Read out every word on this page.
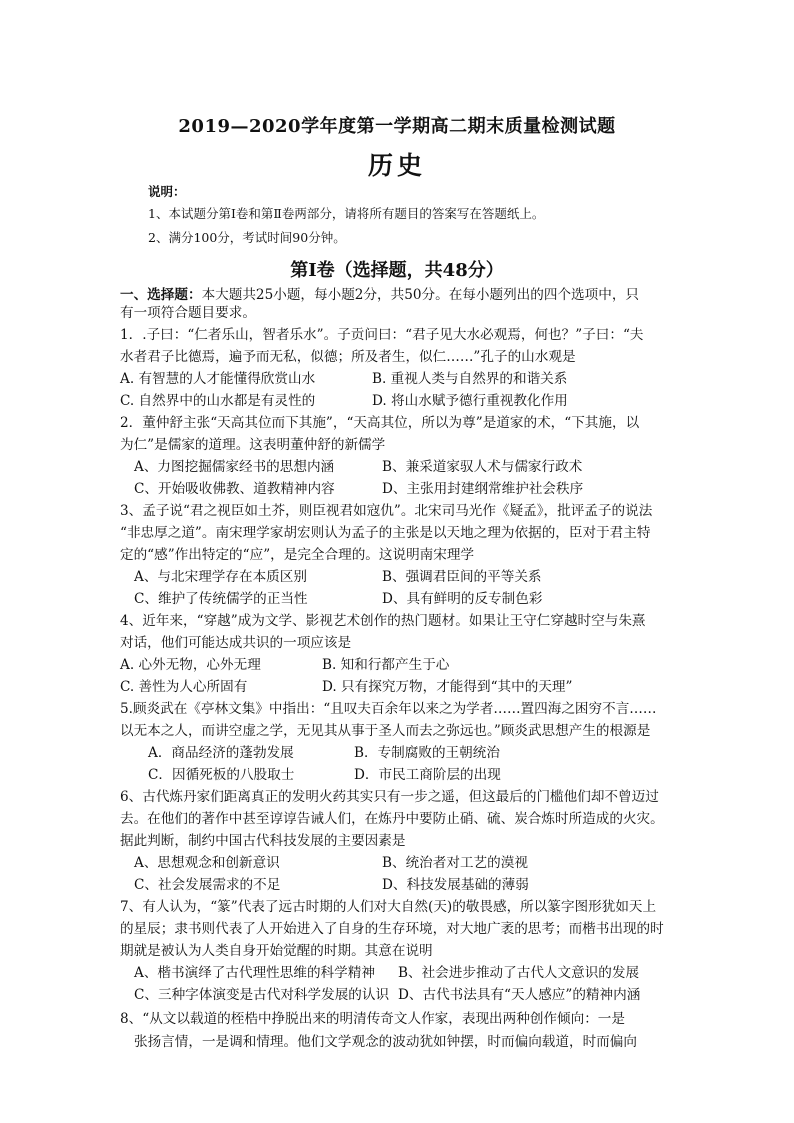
2019—2020学年度第一学期高二期末质量检测试题
历史
说明：
1、本试题分第Ⅰ卷和第Ⅱ卷两部分，请将所有题目的答案写在答题纸上。
2、满分100分，考试时间90分钟。
第Ⅰ卷（选择题，共48分）
一、选择题：本大题共25小题，每小题2分，共50分。在每小题列出的四个选项中，只
有一项符合题目要求。
1．.子曰：“仁者乐山，智者乐水”。子贡问曰：“君子见大水必观焉，何也？”子曰：“夫
水者君子比德焉，遍予而无私，似德；所及者生，似仁……”孔子的山水观是
A. 有智慧的人才能懂得欣赏山水	B. 重视人类与自然界的和谐关系
C. 自然界中的山水都是有灵性的	D. 将山水赋予德行重视教化作用
2．董仲舒主张“天高其位而下其施”，“天高其位，所以为尊”是道家的术，“下其施，以
为仁”是儒家的道理。这表明董仲舒的新儒学
A、力图挖掘儒家经书的思想内涵	B、兼采道家驭人术与儒家行政术
C、开始吸收佛教、道教精神内容	D、主张用封建纲常维护社会秩序
3、孟子说“君之视臣如土芥，则臣视君如寇仇”。北宋司马光作《疑孟》，批评孟子的说法
“非忠厚之道”。南宋理学家胡宏则认为孟子的主张是以天地之理为依据的，臣对于君主特
定的“感”作出特定的“应”，是完全合理的。这说明南宋理学
A、与北宋理学存在本质区别	B、强调君臣间的平等关系
C、维护了传统儒学的正当性	D、具有鲜明的反专制色彩
4、近年来，“穿越”成为文学、影视艺术创作的热门题材。如果让王守仁穿越时空与朱熹
对话，他们可能达成共识的一项应该是
A. 心外无物，心外无理	B. 知和行都产生于心
C. 善性为人心所固有	D. 只有探究万物，才能得到“其中的天理”
5.顾炎武在《亭林文集》中指出：“且叹夫百余年以来之为学者……置四海之困穷不言……
以无本之人，而讲空虚之学，无见其从事于圣人而去之弥远也。”顾炎武思想产生的根源是
A．商品经济的蓬勃发展	B．专制腐败的王朝统治
C．因循死板的八股取士	D．市民工商阶层的出现
6、古代炼丹家们距离真正的发明火药其实只有一步之遥，但这最后的门槛他们却不曾迈过
去。在他们的著作中甚至谆谆告诫人们，在炼丹中要防止硝、硫、炭合炼时所造成的火灾。
据此判断，制约中国古代科技发展的主要因素是
A、思想观念和创新意识	B、统治者对工艺的漠视
C、社会发展需求的不足	D、科技发展基础的薄弱
7、有人认为，“篆”代表了远古时期的人们对大自然(天)的敬畏感，所以篆字图形犹如天上
的星辰；隶书则代表了人开始进入了自身的生存环境，对大地广袤的思考；而楷书出现的时
期就是被认为人类自身开始觉醒的时期。其意在说明
A、楷书演绎了古代理性思维的科学精神 B、社会进步推动了古代人文意识的发展
C、三种字体演变是古代对科学发展的认识 D、古代书法具有“天人感应”的精神内涵
8、“从文以载道的桎梏中挣脱出来的明清传奇文人作家，表现出两种创作倾向：一是
张扬言情，一是调和情理。他们文学观念的波动犹如钟摆，时而偏向载道，时而偏向
